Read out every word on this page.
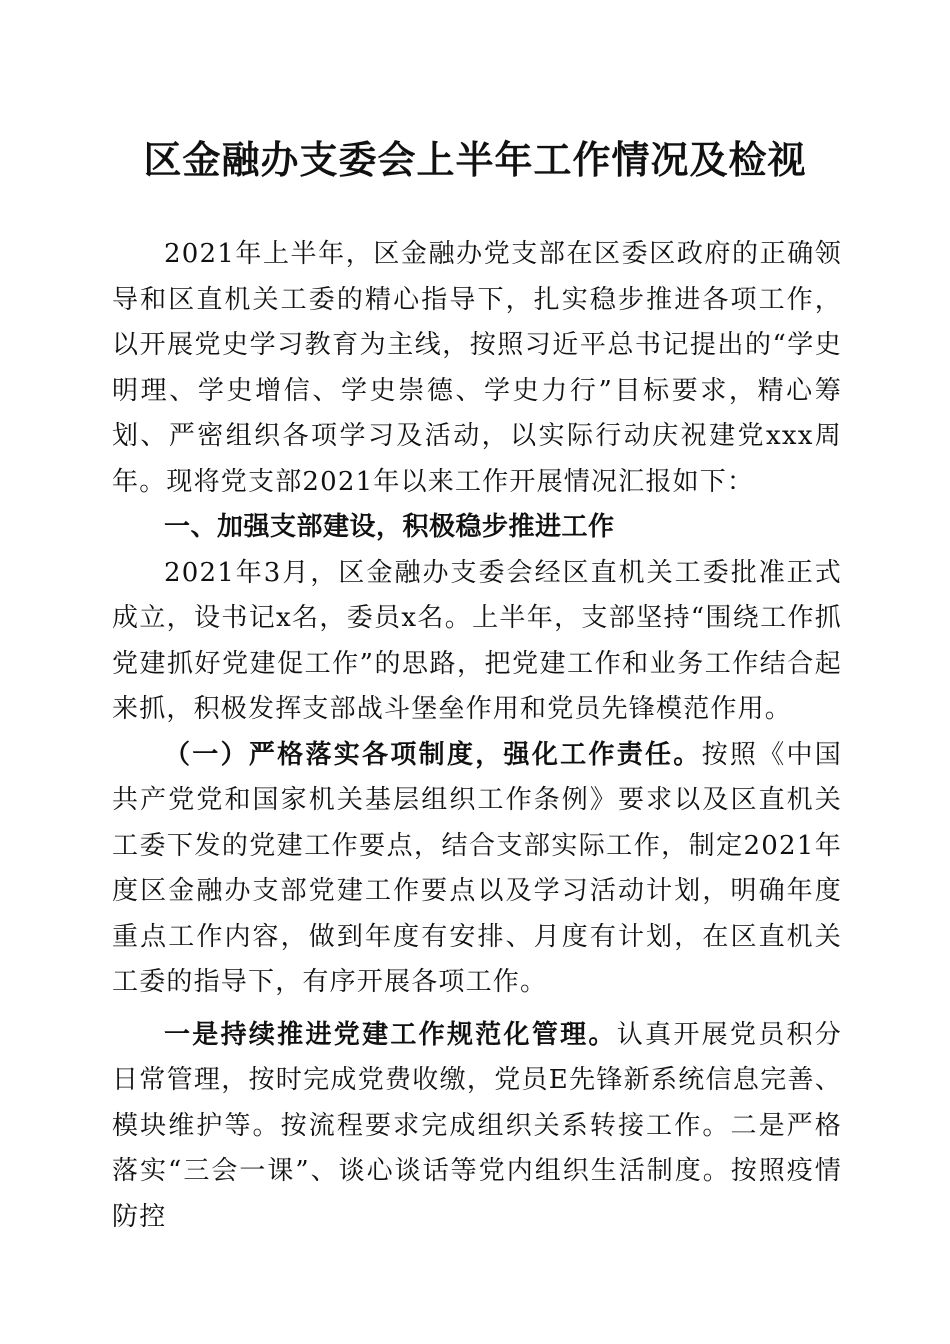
区金融办支委会上半年工作情况及检视

2021年上半年，区金融办党支部在区委区政府的正确领导和区直机关工委的精心指导下，扎实稳步推进各项工作，以开展党史学习教育为主线，按照习近平总书记提出的“学史明理、学史增信、学史崇德、学史力行”目标要求，精心筹划、严密组织各项学习及活动，以实际行动庆祝建党xxx周年。现将党支部2021年以来工作开展情况汇报如下：

一、加强支部建设，积极稳步推进工作

2021年3月，区金融办支委会经区直机关工委批准正式成立，设书记x名，委员x名。上半年，支部坚持“围绕工作抓党建抓好党建促工作”的思路，把党建工作和业务工作结合起来抓，积极发挥支部战斗堡垒作用和党员先锋模范作用。

（一）严格落实各项制度，强化工作责任。按照《中国共产党党和国家机关基层组织工作条例》要求以及区直机关工委下发的党建工作要点，结合支部实际工作，制定2021年度区金融办支部党建工作要点以及学习活动计划，明确年度重点工作内容，做到年度有安排、月度有计划，在区直机关工委的指导下，有序开展各项工作。

一是持续推进党建工作规范化管理。认真开展党员积分日常管理，按时完成党费收缴，党员E先锋新系统信息完善、模块维护等。按流程要求完成组织关系转接工作。二是严格落实“三会一课”、谈心谈话等党内组织生活制度。按照疫情防控
